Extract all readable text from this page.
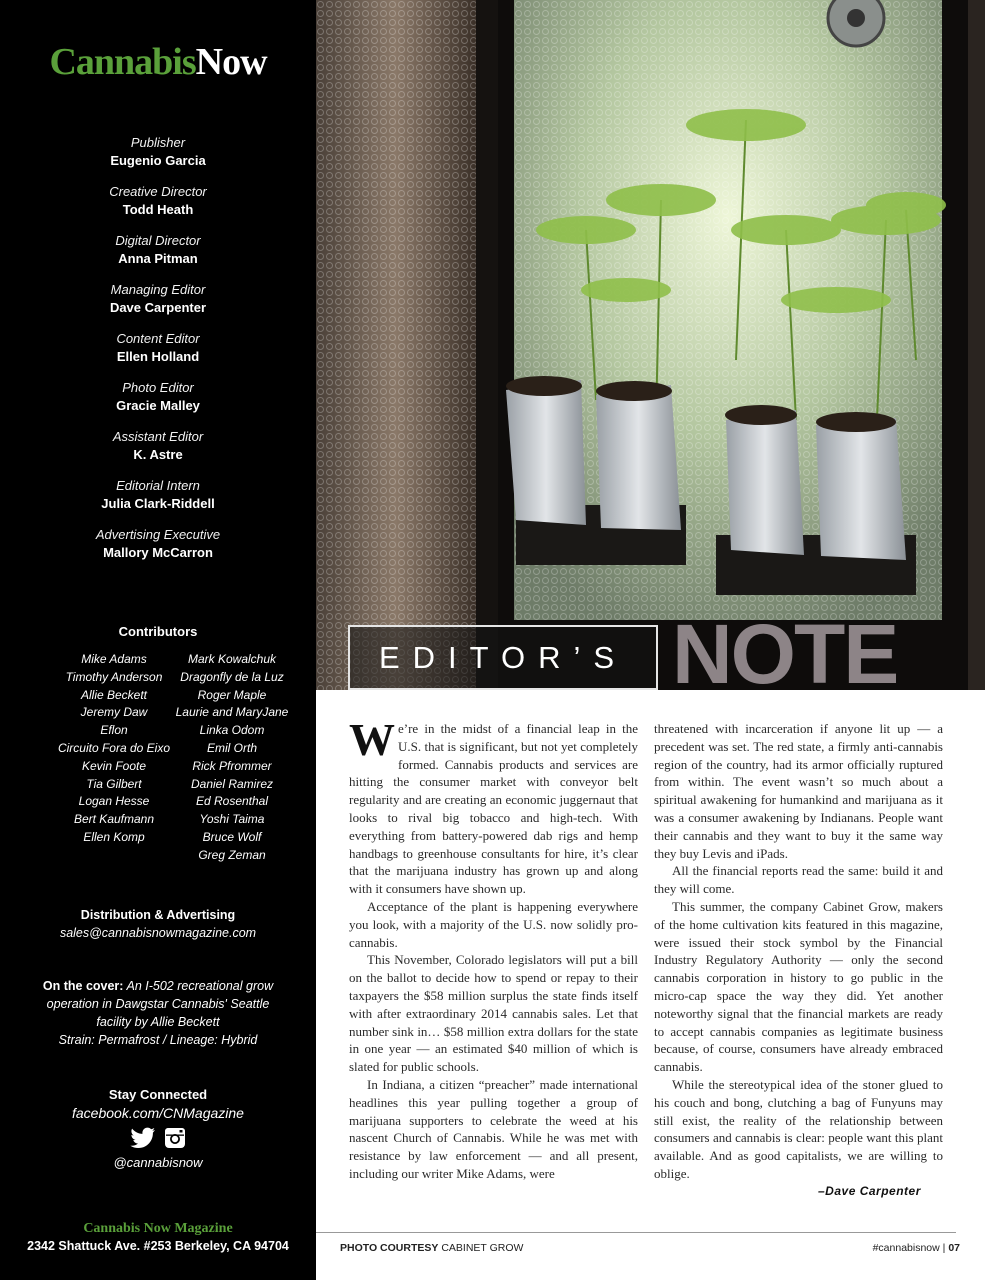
CannabisNow
Publisher
Eugenio Garcia
Creative Director
Todd Heath
Digital Director
Anna Pitman
Managing Editor
Dave Carpenter
Content Editor
Ellen Holland
Photo Editor
Gracie Malley
Assistant Editor
K. Astre
Editorial Intern
Julia Clark-Riddell
Advertising Executive
Mallory McCarron
Contributors
Mike Adams
Timothy Anderson
Allie Beckett
Jeremy Daw
Eflon
Circuito Fora do Eixo
Kevin Foote
Tia Gilbert
Logan Hesse
Bert Kaufmann
Ellen Komp
Mark Kowalchuk
Dragonfly de la Luz
Roger Maple
Laurie and MaryJane
Linka Odom
Emil Orth
Rick Pfrommer
Daniel Ramirez
Ed Rosenthal
Yoshi Taima
Bruce Wolf
Greg Zeman
Distribution & Advertising
sales@cannabisnowmagazine.com
On the cover: An I-502 recreational grow operation in Dawgstar Cannabis' Seattle facility by Allie Beckett
Strain: Permafrost / Lineage: Hybrid
Stay Connected
facebook.com/CNMagazine
@cannabisnow
Cannabis Now Magazine
2342 Shattuck Ave. #253 Berkeley, CA 94704
EDITOR’S NOTE

We’re in the midst of a financial leap in the U.S. that is significant, but not yet completely formed. Cannabis products and services are hitting the consumer market with conveyor belt regularity and are creating an economic juggernaut that looks to rival big tobacco and high-tech. With everything from battery-powered dab rigs and hemp handbags to greenhouse consultants for hire, it’s clear that the marijuana industry has grown up and along with it consumers have shown up.

Acceptance of the plant is happening everywhere you look, with a majority of the U.S. now solidly pro-cannabis.

This November, Colorado legislators will put a bill on the ballot to decide how to spend or repay to their taxpayers the $58 million surplus the state finds itself with after extraordinary 2014 cannabis sales. Let that number sink in… $58 million extra dollars for the state in one year — an estimated $40 million of which is slated for public schools.

In Indiana, a citizen “preacher” made international headlines this year pulling together a group of marijuana supporters to celebrate the weed at his nascent Church of Cannabis. While he was met with resistance by law enforcement — and all present, including our writer Mike Adams, were

threatened with incarceration if anyone lit up — a precedent was set. The red state, a firmly anti-cannabis region of the country, had its armor officially ruptured from within. The event wasn’t so much about a spiritual awakening for humankind and marijuana as it was a consumer awakening by Indianans. People want their cannabis and they want to buy it the same way they buy Levis and iPads.

All the financial reports read the same: build it and they will come.

This summer, the company Cabinet Grow, makers of the home cultivation kits featured in this magazine, were issued their stock symbol by the Financial Industry Regulatory Authority — only the second cannabis corporation in history to go public in the micro-cap space the way they did. Yet another noteworthy signal that the financial markets are ready to accept cannabis companies as legitimate business because, of course, consumers have already embraced cannabis.

While the stereotypical idea of the stoner glued to his couch and bong, clutching a bag of Funyuns may still exist, the reality of the relationship between consumers and cannabis is clear: people want this plant available. And as good capitalists, we are willing to oblige.

–Dave Carpenter
PHOTO COURTESY CABINET GROW	#cannabisnow | 07
